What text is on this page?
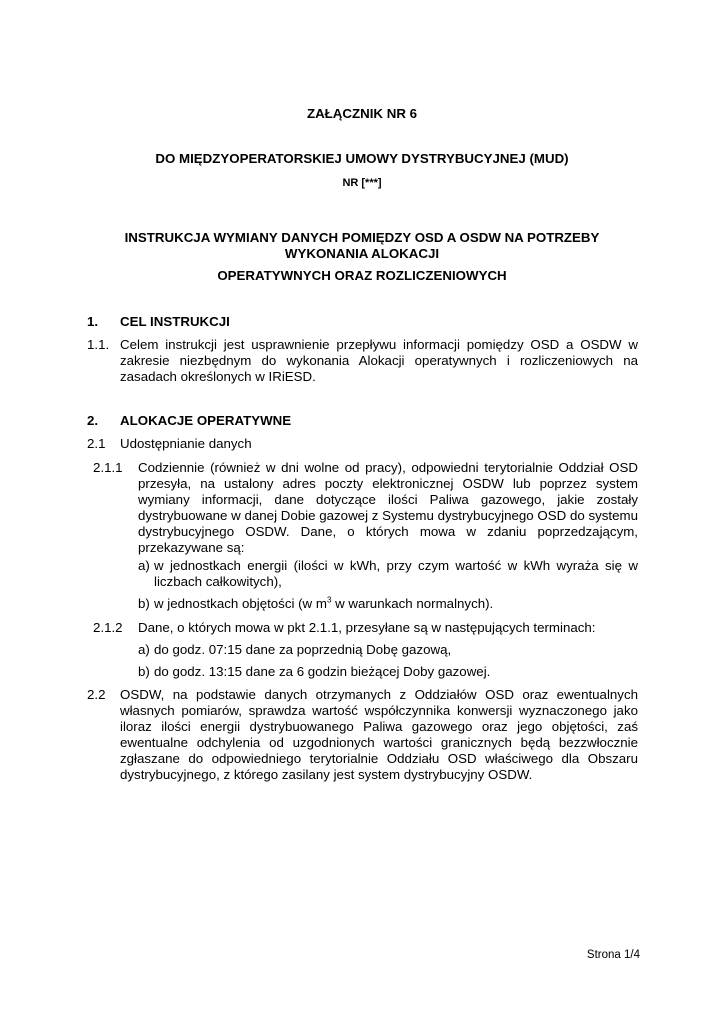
ZAŁĄCZNIK NR 6
DO MIĘDZYOPERATORSKIEJ UMOWY DYSTRYBUCYJNEJ (MUD)
NR [***]
INSTRUKCJA WYMIANY DANYCH POMIĘDZY OSD A OSDW NA POTRZEBY
WYKONANIA ALOKACJI
OPERATYWNYCH ORAZ ROZLICZENIOWYCH
1. CEL INSTRUKCJI
1.1. Celem instrukcji jest usprawnienie przepływu informacji pomiędzy OSD a OSDW w zakresie niezbędnym do wykonania Alokacji operatywnych i rozliczeniowych na zasadach określonych w IRiESD.
2. ALOKACJE OPERATYWNE
2.1 Udostępnianie danych
2.1.1 Codziennie (również w dni wolne od pracy), odpowiedni terytorialnie Oddział OSD przesyła, na ustalony adres poczty elektronicznej OSDW lub poprzez system wymiany informacji, dane dotyczące ilości Paliwa gazowego, jakie zostały dystrybuowane w danej Dobie gazowej z Systemu dystrybucyjnego OSD do systemu dystrybucyjnego OSDW. Dane, o których mowa w zdaniu poprzedzającym, przekazywane są:
a) w jednostkach energii (ilości w kWh, przy czym wartość w kWh wyraża się w liczbach całkowitych),
b) w jednostkach objętości (w $m^3$ w warunkach normalnych).
2.1.2 Dane, o których mowa w pkt 2.1.1, przesyłane są w następujących terminach:
a) do godz. 07:15 dane za poprzednią Dobę gazową,
b) do godz. 13:15 dane za 6 godzin bieżącej Doby gazowej.
2.2 OSDW, na podstawie danych otrzymanych z Oddziałów OSD oraz ewentualnych własnych pomiarów, sprawdza wartość współczynnika konwersji wyznaczonego jako iloraz ilości energii dystrybuowanego Paliwa gazowego oraz jego objętości, zaś ewentualne odchylenia od uzgodnionych wartości granicznych będą bezzwłocznie zgłaszane do odpowiedniego terytorialnie Oddziału OSD właściwego dla Obszaru dystrybucyjnego, z którego zasilany jest system dystrybucyjny OSDW.
Strona 1/4
